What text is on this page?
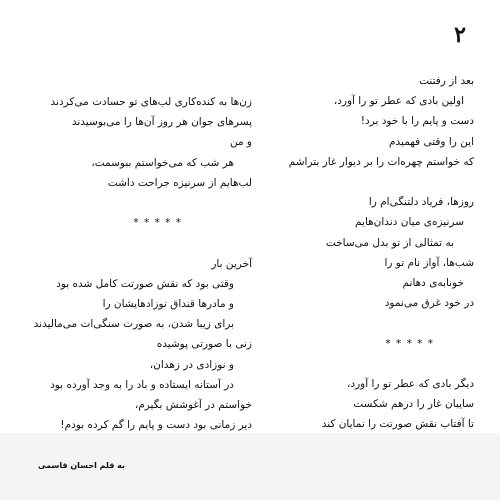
۲
بعد از رفتنت
اولین بادی که عطر تو را آورد،
دست و پایم را با خود برد!
این را وقتی فهمیدم
که خواستم چهره‌ات را بر دیوار غار بتراشم
روزها، فریاد دلتنگی‌ام را
سرنیزه‌ی میان دندان‌هایم
به تمثالی از تو بدل می‌ساخت
شب‌ها، آواز نام تو را
خونابه‌ی دهانم
در خود غرق می‌نمود
* * * * *
دیگر بادی که عطر تو را آورد،
سایبان غار را درهم شکست
تا آفتاب نقش صورتت را نمایان کند
زن‌ها به کنده‌کاری لب‌های تو حسادت می‌کردند
پسرهای جوان هر روز آن‌ها را می‌بوسیدند
و من
هر شب که می‌خواستم ببوسمت،
لب‌هایم از سرنیزه جراحت داشت
* * * * *
آخرین بار
وقتی بود که نقش صورتت کامل شده بود
و مادرها قنداق نوزادهایشان را
برای زیبا شدن، به صورت سنگی‌ات می‌مالیدند
زنی با صورتی پوشیده
و نوزادی در زهدان،
در آستانه ایستاده و باد را به وجد آورده بود
خواستم در آغوشش بگیرم،
دیر زمانی بود دست و پایم را گم کرده بودم!
به قلم احسان قاسمی
